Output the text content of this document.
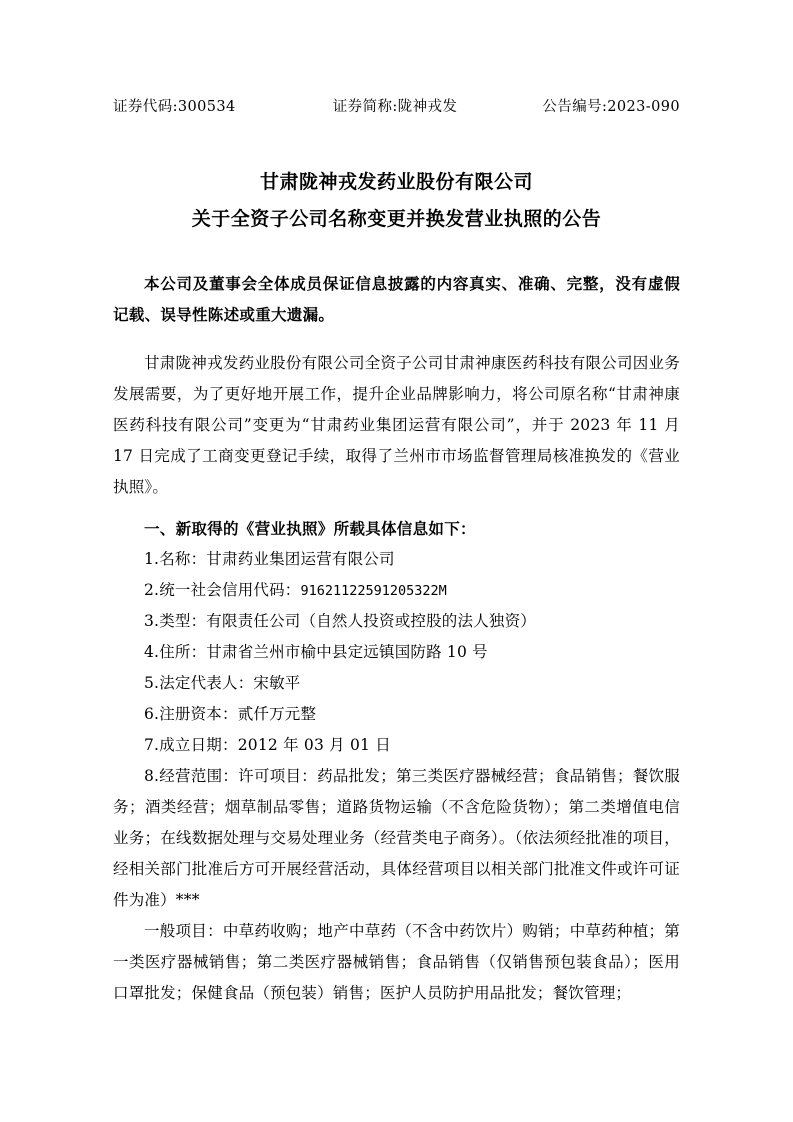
证券代码:300534	证券简称:陇神戎发	公告编号:2023-090
甘肃陇神戎发药业股份有限公司
关于全资子公司名称变更并换发营业执照的公告
本公司及董事会全体成员保证信息披露的内容真实、准确、完整，没有虚假记载、误导性陈述或重大遗漏。
甘肃陇神戎发药业股份有限公司全资子公司甘肃神康医药科技有限公司因业务发展需要，为了更好地开展工作，提升企业品牌影响力，将公司原名称“甘肃神康医药科技有限公司”变更为“甘肃药业集团运营有限公司”，并于 2023 年 11 月 17 日完成了工商变更登记手续，取得了兰州市市场监督管理局核准换发的《营业执照》。
一、新取得的《营业执照》所载具体信息如下：
1.名称：甘肃药业集团运营有限公司
2.统一社会信用代码：91621122591205322M
3.类型：有限责任公司（自然人投资或控股的法人独资）
4.住所：甘肃省兰州市榆中县定远镇国防路 10 号
5.法定代表人：宋敏平
6.注册资本：贰仟万元整
7.成立日期：2012 年 03 月 01 日
8.经营范围：许可项目：药品批发；第三类医疗器械经营；食品销售；餐饮服务；酒类经营；烟草制品零售；道路货物运输（不含危险货物）；第二类增值电信业务；在线数据处理与交易处理业务（经营类电子商务）。（依法须经批准的项目，经相关部门批准后方可开展经营活动，具体经营项目以相关部门批准文件或许可证件为准）***
一般项目：中草药收购；地产中草药（不含中药饮片）购销；中草药种植；第一类医疗器械销售；第二类医疗器械销售；食品销售（仅销售预包装食品）；医用口罩批发；保健食品（预包装）销售；医护人员防护用品批发；餐饮管理；
